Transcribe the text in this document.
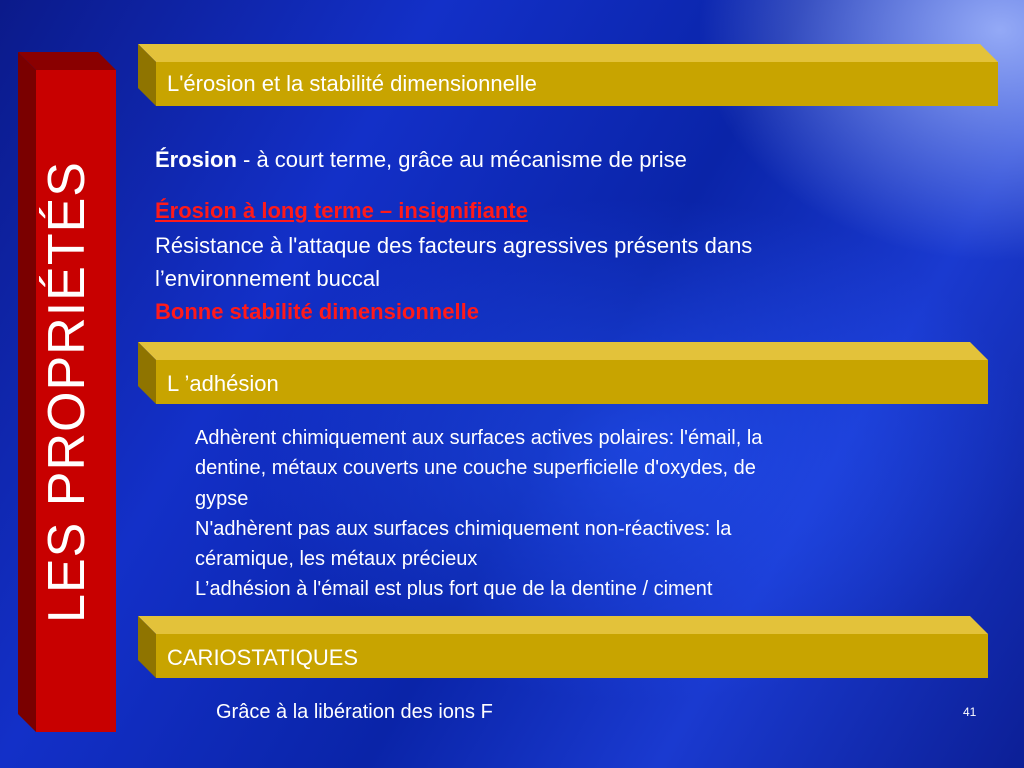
LES PROPRIÉTÉS
L'érosion et la stabilité dimensionnelle
Érosion - à court terme, grâce au mécanisme de prise
Érosion à long terme – insignifiante
Résistance à l'attaque des facteurs agressives présents dans
l’environnement buccal
Bonne stabilité dimensionnelle
L ’adhésion
Adhèrent chimiquement aux surfaces actives polaires: l'émail, la
dentine, métaux couverts une couche superficielle d'oxydes, de
gypse
N'adhèrent pas aux surfaces chimiquement non-réactives: la
céramique, les métaux précieux
L’adhésion à l'émail est plus fort que de la dentine / ciment
CARIOSTATIQUES
Grâce à la libération des ions F	41
